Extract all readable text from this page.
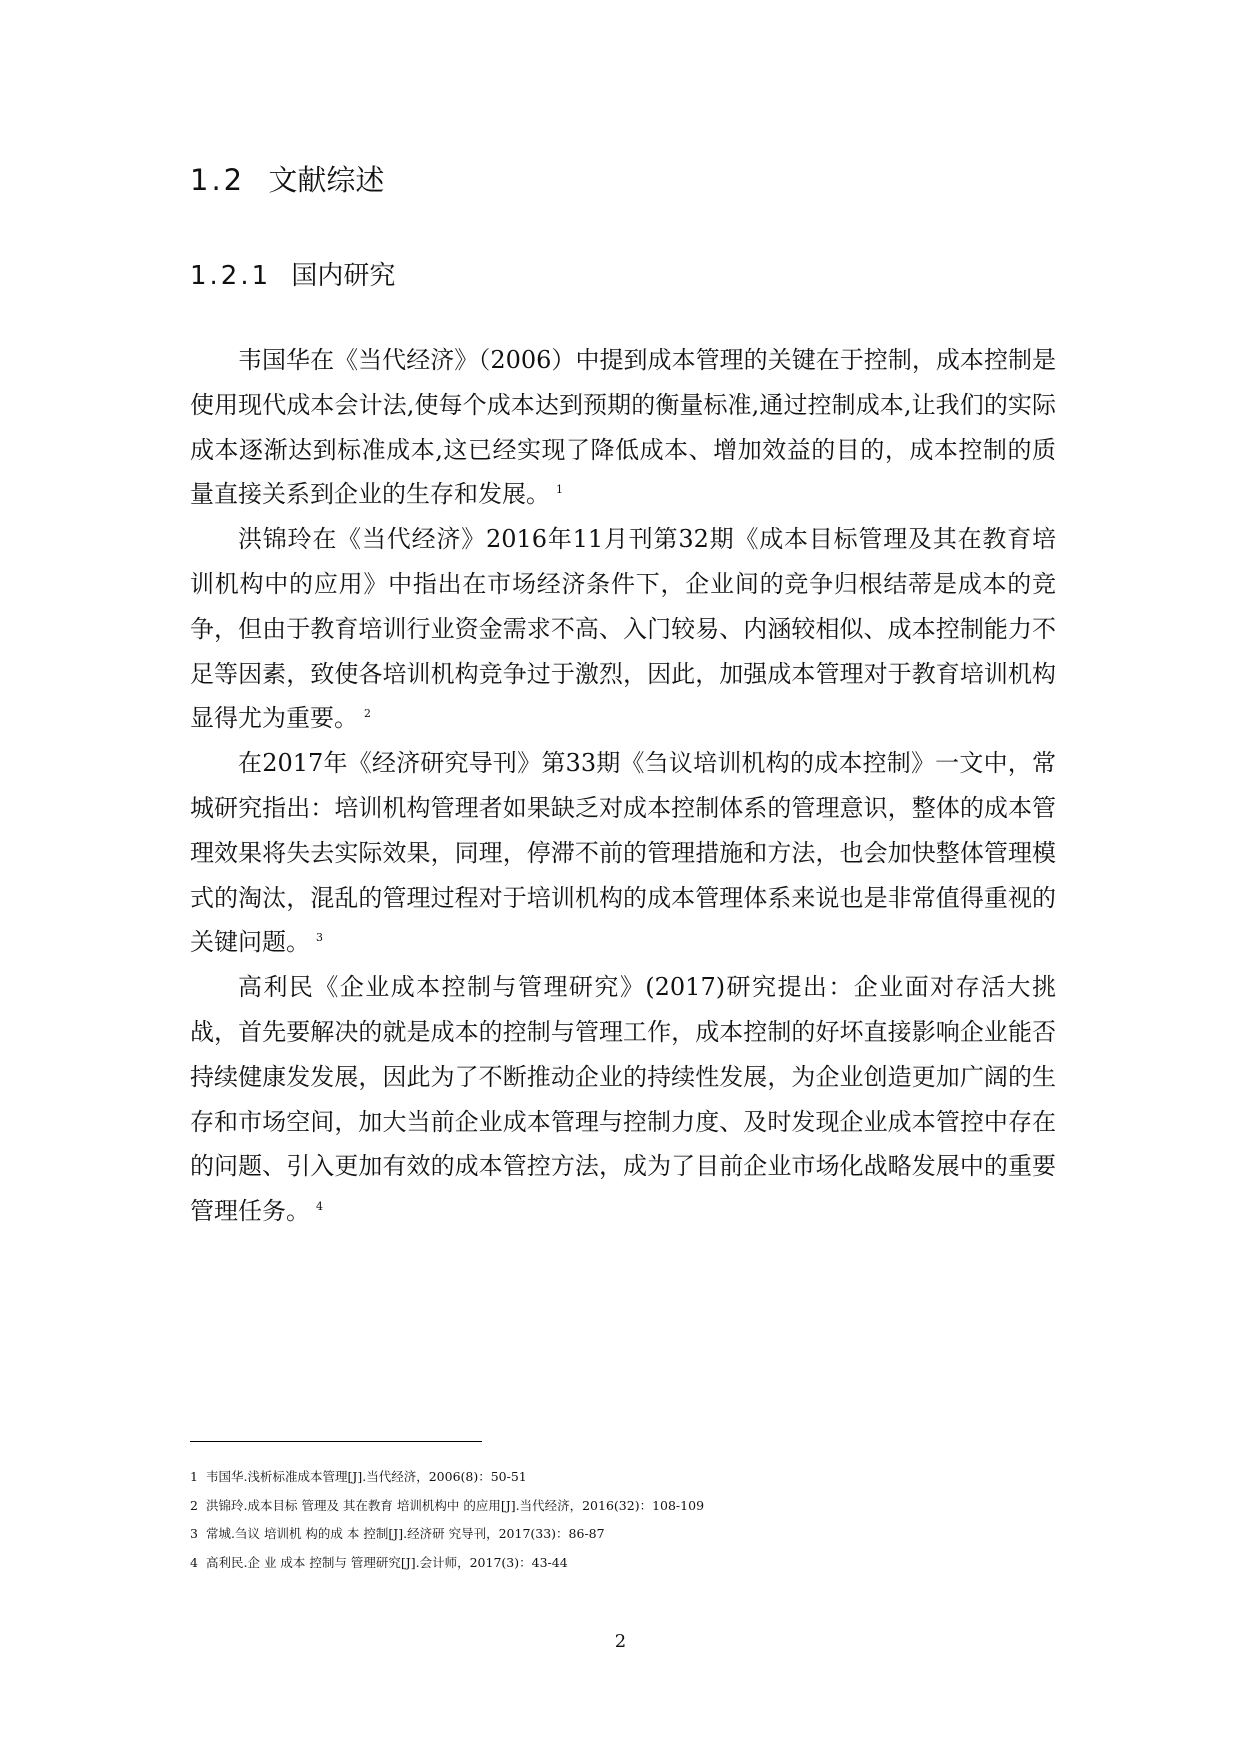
1.2 文献综述
1.2.1 国内研究

韦国华在《当代经济》（2006）中提到成本管理的关键在于控制，成本控制是使用现代成本会计法,使每个成本达到预期的衡量标准,通过控制成本,让我们的实际成本逐渐达到标准成本,这已经实现了降低成本、增加效益的目的，成本控制的质量直接关系到企业的生存和发展。 $^1$

洪锦玲在《当代经济》2016年11月刊第32期《成本目标管理及其在教育培训机构中的应用》中指出在市场经济条件下，企业间的竞争归根结蒂是成本的竞争，但由于教育培训行业资金需求不高、入门较易、内涵较相似、成本控制能力不足等因素，致使各培训机构竞争过于激烈，因此，加强成本管理对于教育培训机构显得尤为重要。 $^2$

在2017年《经济研究导刊》第33期《刍议培训机构的成本控制》一文中，常城研究指出：培训机构管理者如果缺乏对成本控制体系的管理意识，整体的成本管理效果将失去实际效果，同理，停滞不前的管理措施和方法，也会加快整体管理模式的淘汰，混乱的管理过程对于培训机构的成本管理体系来说也是非常值得重视的关键问题。 $^3$

高利民《企业成本控制与管理研究》(2017)研究提出：企业面对存活大挑战，首先要解决的就是成本的控制与管理工作，成本控制的好坏直接影响企业能否持续健康发发展，因此为了不断推动企业的持续性发展，为企业创造更加广阔的生存和市场空间，加大当前企业成本管理与控制力度、及时发现企业成本管控中存在的问题、引入更加有效的成本管控方法，成为了目前企业市场化战略发展中的重要管理任务。 $^4$

1 韦国华.浅析标准成本管理[J].当代经济，2006(8)：50-51

2 洪锦玲.成本目标 管理及 其在教育 培训机构中 的应用[J].当代经济，2016(32)：108-109

3 常城.刍议 培训机 构的成 本 控制[J].经济研 究导刊，2017(33)：86-87

4 高利民.企 业 成本 控制与 管理研究[J].会计师，2017(3)：43-44

2
